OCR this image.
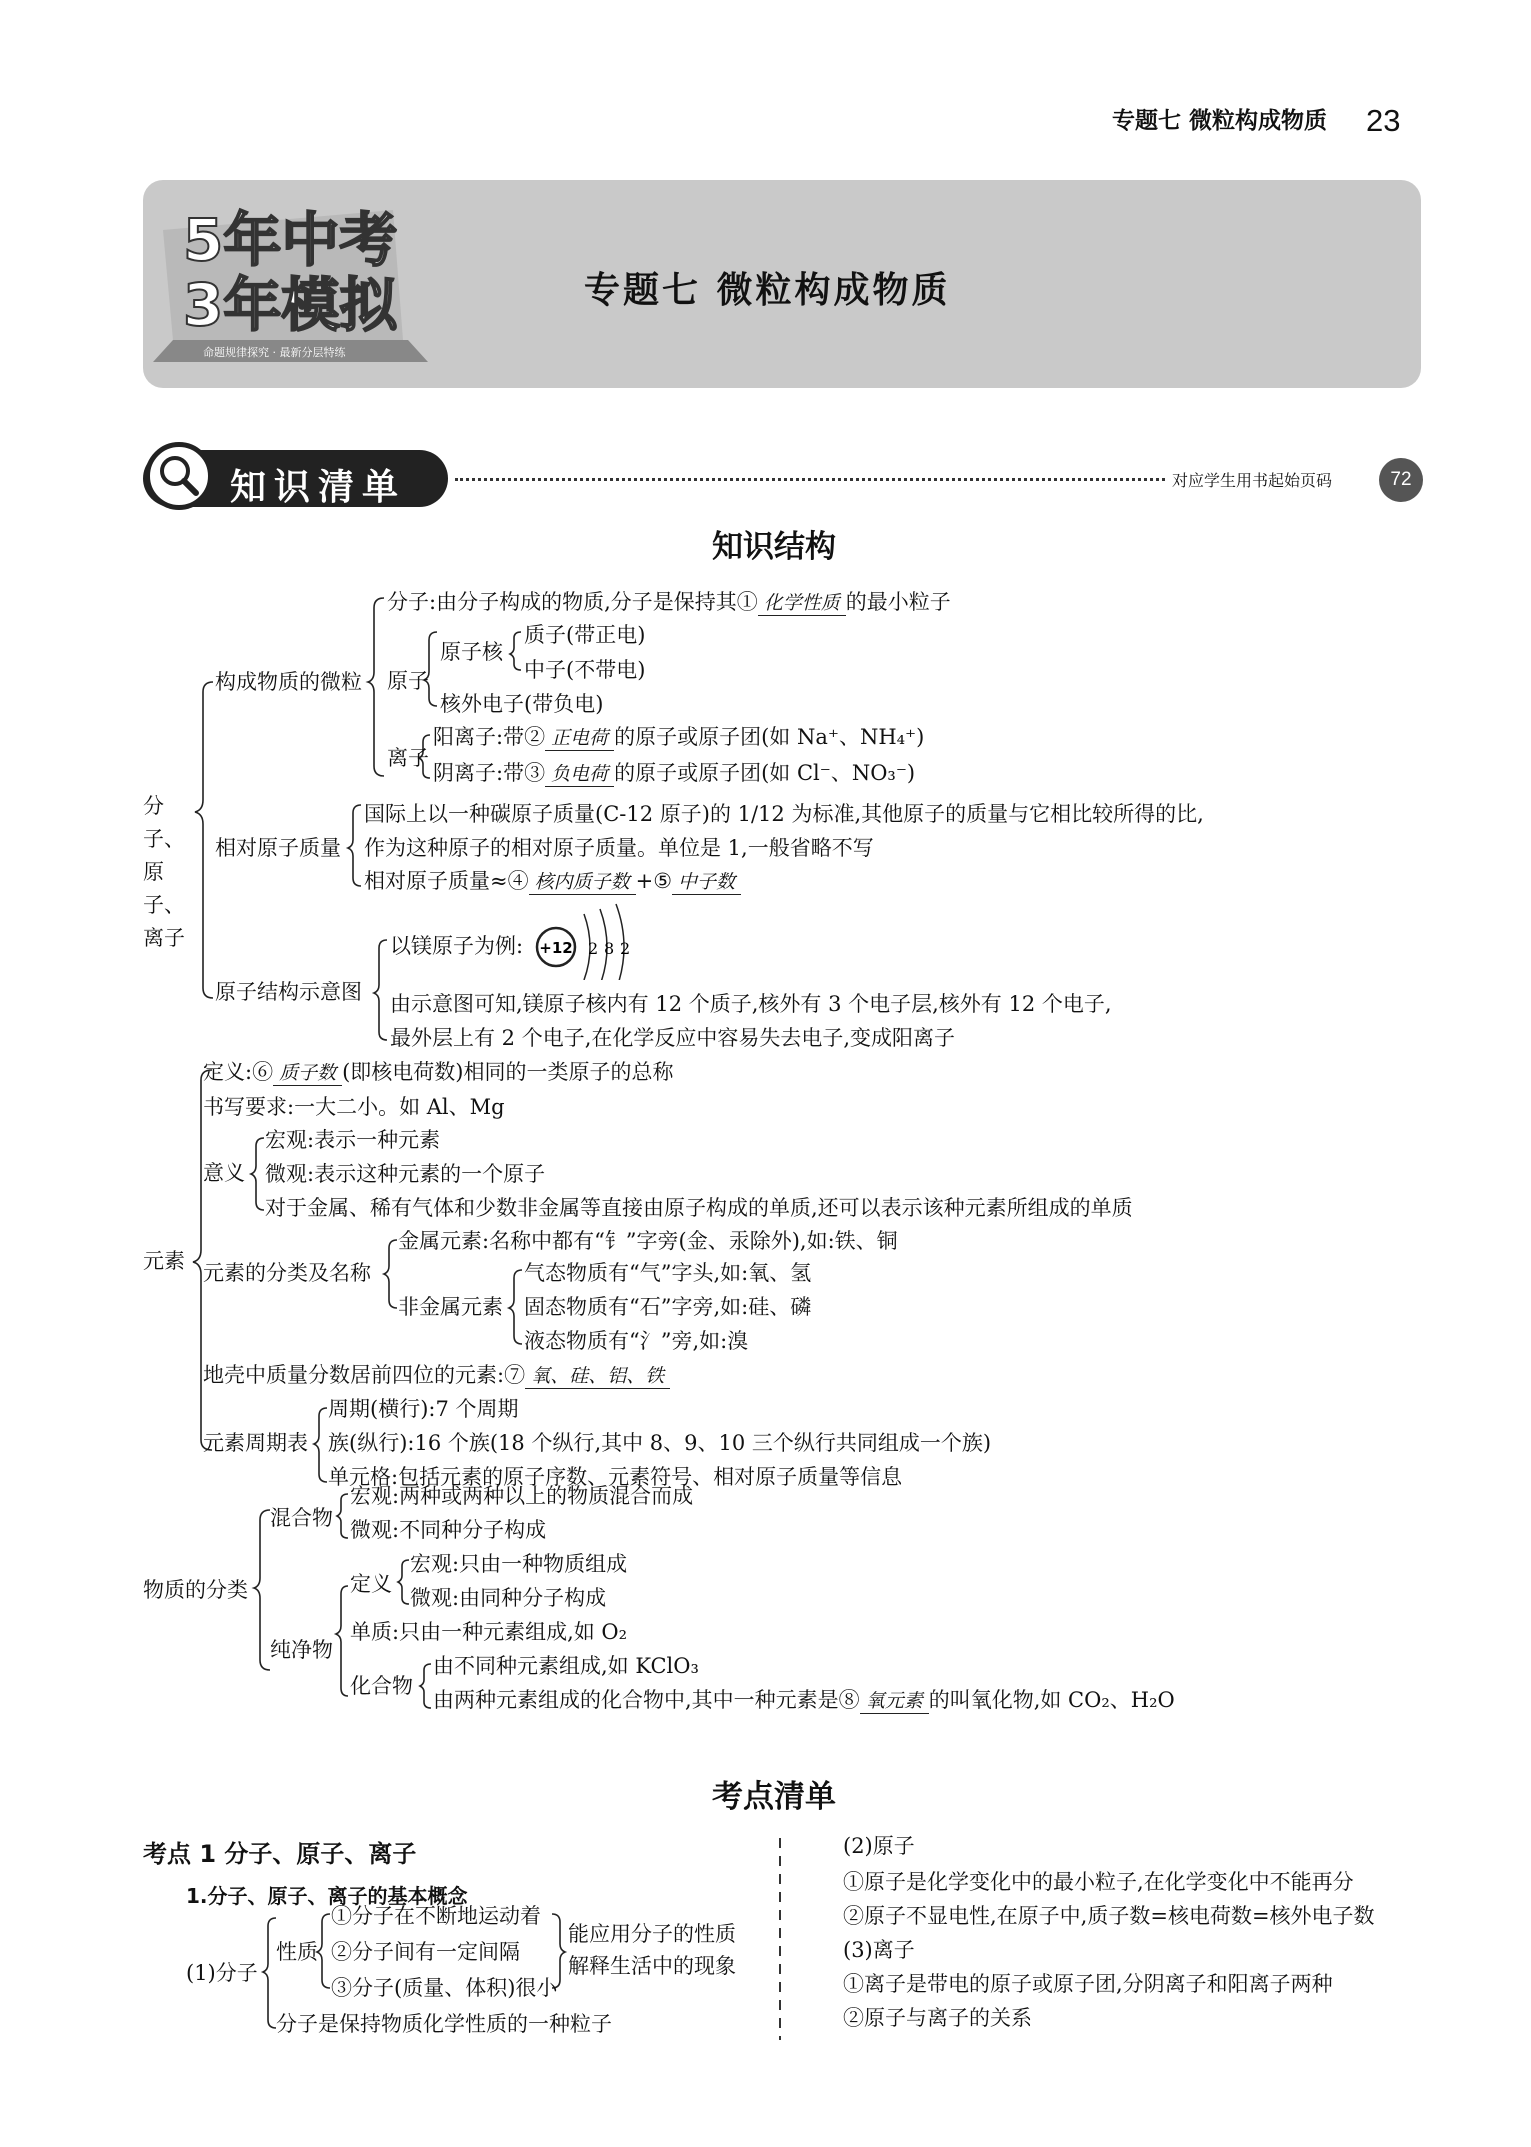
专题七 微粒构成物质 23
5年中考
3年模拟
命题规律探究 · 最新分层特练
专题七 微粒构成物质
知识清单	对应学生用书起始页码	72
知识结构
分子、
原子、
离子
构成物质的微粒
分子:由分子构成的物质,分子是保持其① 化学性质 的最小粒子
原子
原子核
质子(带正电)
中子(不带电)
核外电子(带负电)
离子
阳离子:带② 正电荷 的原子或原子团(如 Na⁺、NH₄⁺)
阴离子:带③ 负电荷 的原子或原子团(如 Cl⁻、NO₃⁻)
相对原子质量
国际上以一种碳原子质量(C-12 原子)的 1/12 为标准,其他原子的质量与它相比较所得的比,
作为这种原子的相对原子质量。单位是 1,一般省略不写
相对原子质量≈④ 核内质子数 +⑤ 中子数
原子结构示意图
以镁原子为例: +12 2 8 2
由示意图可知,镁原子核内有 12 个质子,核外有 3 个电子层,核外有 12 个电子,
最外层上有 2 个电子,在化学反应中容易失去电子,变成阳离子
元素
定义:⑥ 质子数 (即核电荷数)相同的一类原子的总称
书写要求:一大二小。如 Al、Mg
意义
宏观:表示一种元素
微观:表示这种元素的一个原子
对于金属、稀有气体和少数非金属等直接由原子构成的单质,还可以表示该种元素所组成的单质
元素的分类及名称
金属元素:名称中都有“钅”字旁(金、汞除外),如:铁、铜
非金属元素
气态物质有“气”字头,如:氧、氢
固态物质有“石”字旁,如:硅、磷
液态物质有“氵”旁,如:溴
地壳中质量分数居前四位的元素:⑦ 氧、硅、铝、铁
元素周期表
周期(横行):7 个周期
族(纵行):16 个族(18 个纵行,其中 8、9、10 三个纵行共同组成一个族)
单元格:包括元素的原子序数、元素符号、相对原子质量等信息
物质的分类
混合物
宏观:两种或两种以上的物质混合而成
微观:不同种分子构成
纯净物
定义
宏观:只由一种物质组成
微观:由同种分子构成
单质:只由一种元素组成,如 O₂
化合物
由不同种元素组成,如 KClO₃
由两种元素组成的化合物中,其中一种元素是⑧ 氧元素 的叫氧化物,如 CO₂、H₂O
考点清单
考点 1 分子、原子、离子
1.分子、原子、离子的基本概念
(1)分子
性质
①分子在不断地运动着
②分子间有一定间隔
③分子(质量、体积)很小
能应用分子的性质
解释生活中的现象
分子是保持物质化学性质的一种粒子
(2)原子
①原子是化学变化中的最小粒子,在化学变化中不能再分
②原子不显电性,在原子中,质子数=核电荷数=核外电子数
(3)离子
①离子是带电的原子或原子团,分阴离子和阳离子两种
②原子与离子的关系
